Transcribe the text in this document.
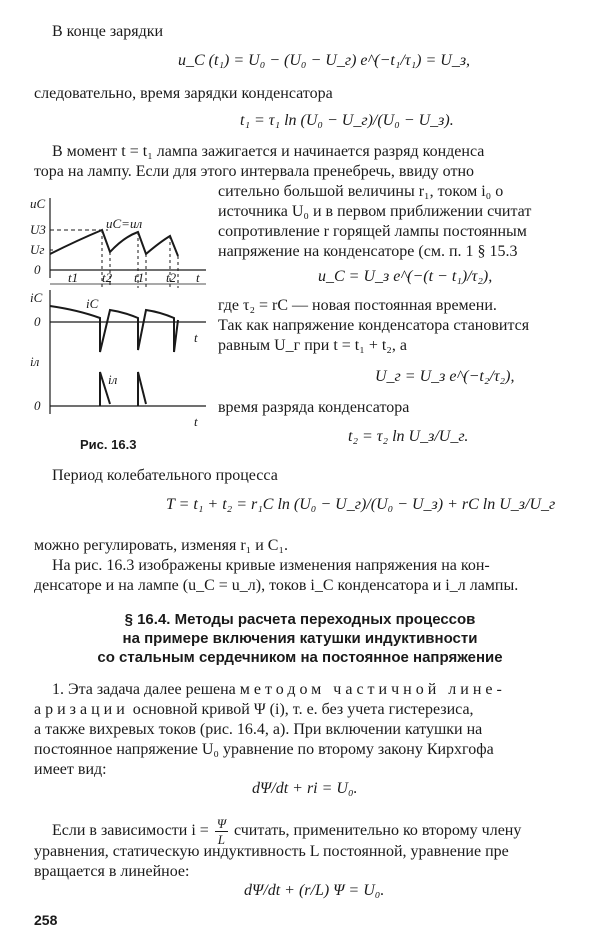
В конце зарядки
u_C (t₁) = U₀ − (U₀ − U_г) e^(−t₁/τ₁) = U_з,
следовательно, время зарядки конденсатора
t₁ = τ₁ ln (U₀ − U_г)/(U₀ − U_з).
В момент t = t₁ лампа зажигается и начинается разряд конденса
тора на лампу. Если для этого интервала пренебречь, ввиду отно
сительно большой величины r₁, током i₀ о
источника U₀ и в первом приближении считат
сопротивление r горящей лампы постоянным
напряжение на конденсаторе (см. п. 1 § 15.3
u_C = U_з e^(−(t − t₁)/τ₂),
где τ₂ = rC — новая постоянная времени.
Так как напряжение конденсатора становится
равным U_г при t = t₁ + t₂, а
U_г = U_з e^(−t₂/τ₂),
время разряда конденсатора
t₂ = τ₂ ln U_з/U_г.
uC
U3
Uг
0
uC=uл
t1 t2 t1 t2 t
iC
0
iC
t
iл
0
iл
t
Рис. 16.3
Период колебательного процесса
T = t₁ + t₂ = r₁C ln (U₀ − U_г)/(U₀ − U_з) + rC ln U_з/U_г
можно регулировать, изменяя r₁ и C₁.
На рис. 16.3 изображены кривые изменения напряжения на кон-
денсаторе и на лампе (u_C = u_л), токов i_C конденсатора и i_л лампы.
§ 16.4. Методы расчета переходных процессов
на примере включения катушки индуктивности
со стальным сердечником на постоянное напряжение
1. Эта задача далее решена методом частичной лине-
аризации основной кривой Ψ (i), т. е. без учета гистерезиса,
а также вихревых токов (рис. 16.4, а). При включении катушки на
постоянное напряжение U₀ уравнение по второму закону Кирхгофа
имеет вид:
dΨ/dt + ri = U₀.
Если в зависимости $i = \frac{\Psi}{L}$ считать, применительно ко второму члену
уравнения, статическую индуктивность L постоянной, уравнение пре
вращается в линейное:
dΨ/dt + (r/L) Ψ = U₀.
258
